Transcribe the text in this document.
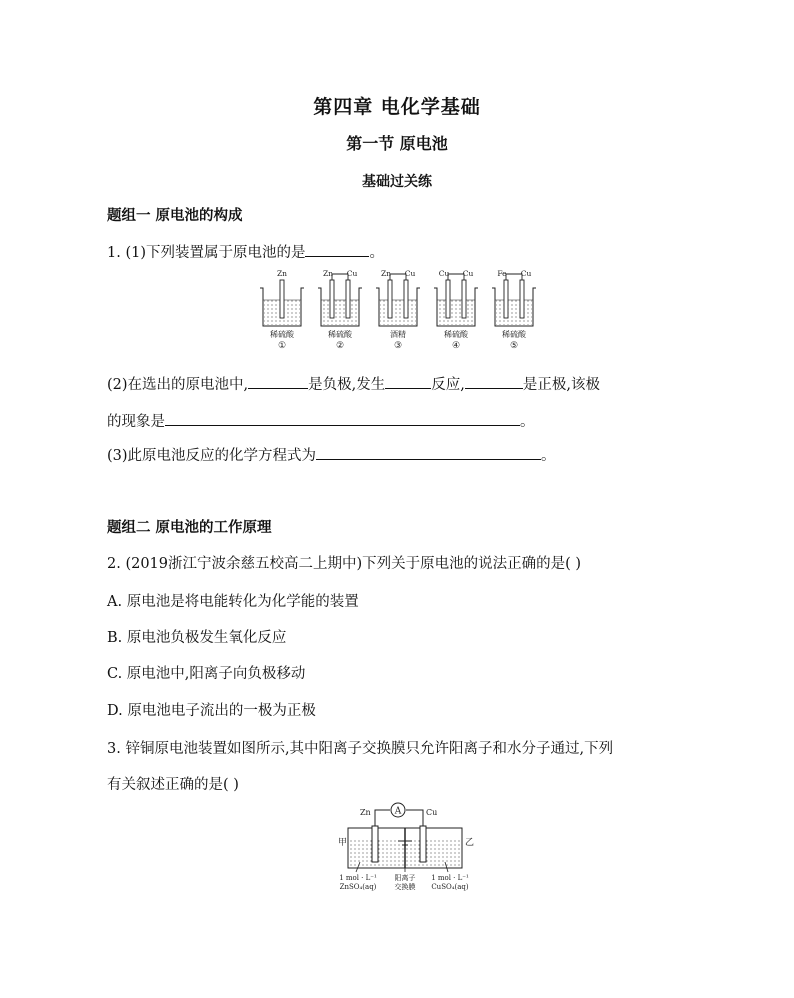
第四章 电化学基础
第一节 原电池
基础过关练
题组一 原电池的构成
1. (1)下列装置属于原电池的是	。
Zn
稀硫酸
①
Zn Cu
稀硫酸
②
Zn Cu
酒精
③
Cu Cu
稀硫酸
④
Fe Cu
稀硫酸
⑤
(2)在选出的原电池中,	是负极,发生	反应,	是正极,该极
的现象是	。
(3)此原电池反应的化学方程式为	。
题组二 原电池的工作原理
2. (2019浙江宁波余慈五校高二上期中)下列关于原电池的说法正确的是( )
A. 原电池是将电能转化为化学能的装置
B. 原电池负极发生氧化反应
C. 原电池中,阳离子向负极移动
D. 原电池电子流出的一极为正极
3. 锌铜原电池装置如图所示,其中阳离子交换膜只允许阳离子和水分子通过,下列
有关叙述正确的是( )
A
Zn	Cu
甲	乙
1 mol · L⁻¹
ZnSO₄(aq)
阳离子
交换膜
1 mol · L⁻¹
CuSO₄(aq)
